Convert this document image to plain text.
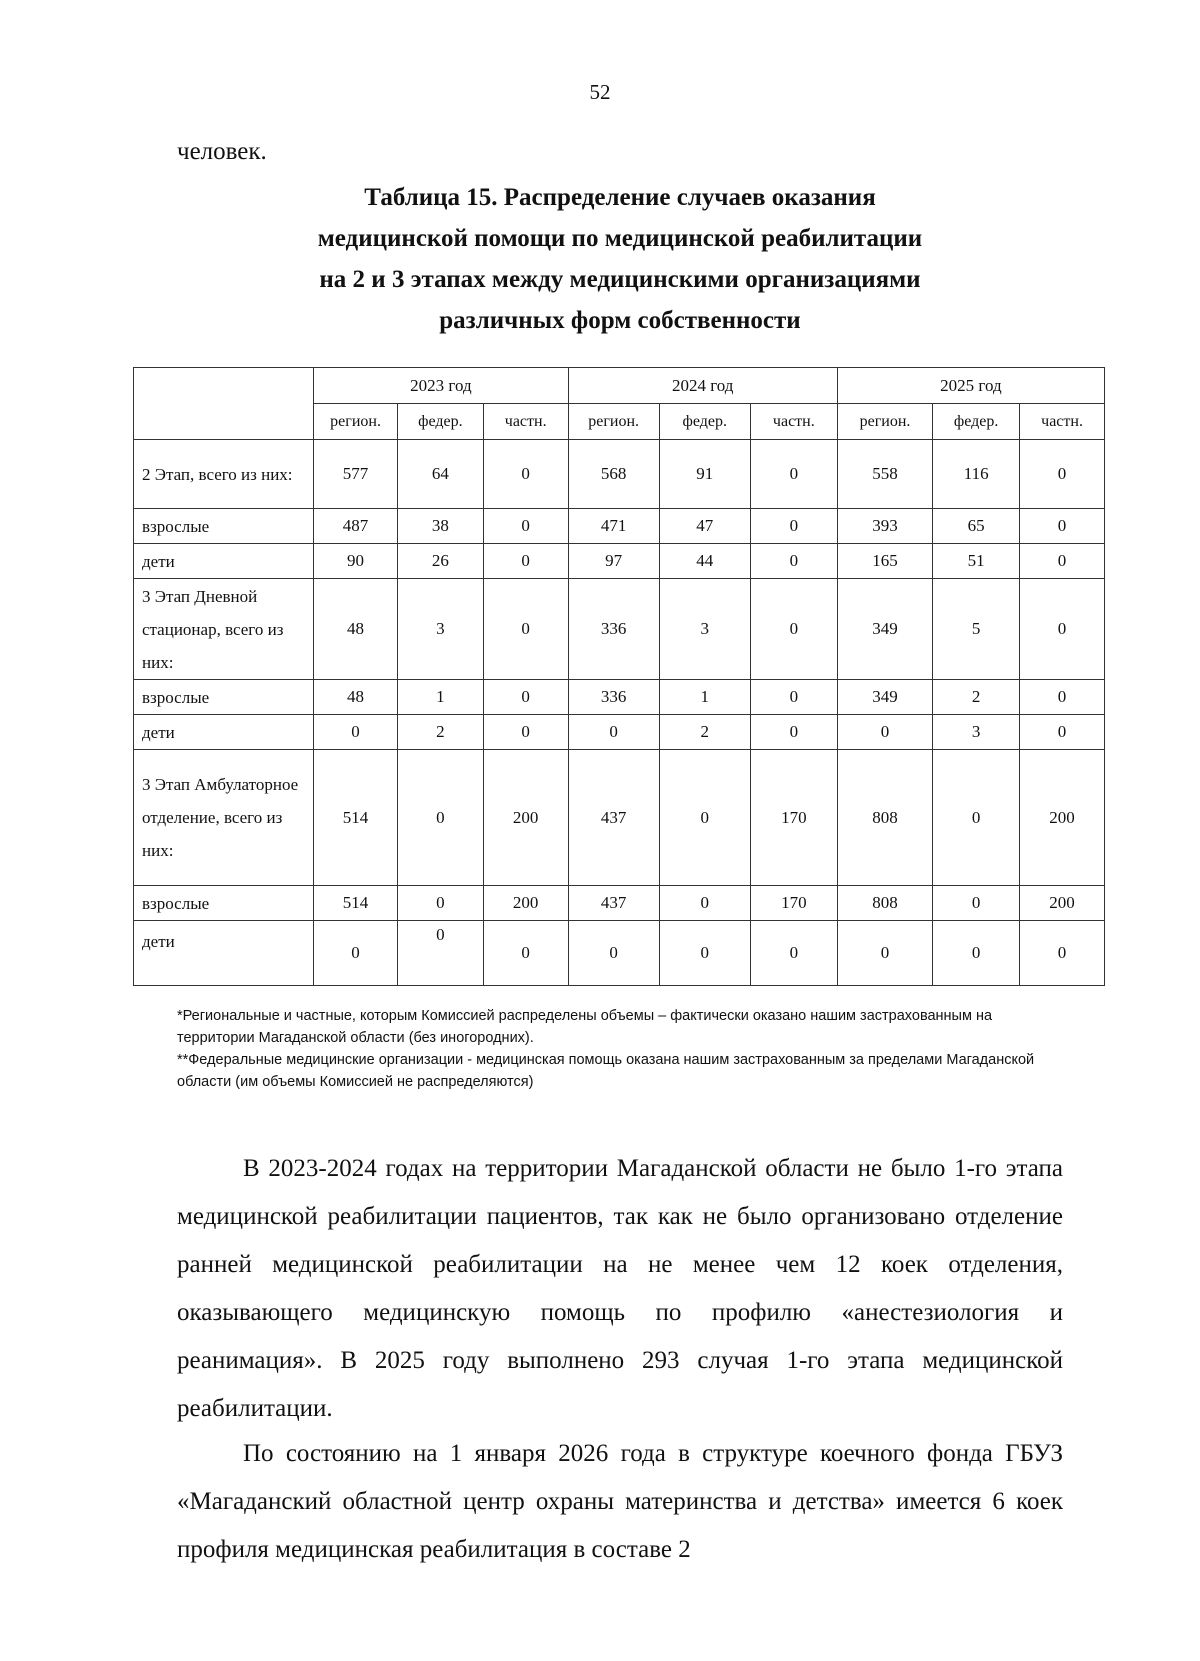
52
человек.
Таблица 15. Распределение случаев оказания
медицинской помощи по медицинской реабилитации
на 2 и 3 этапах между медицинскими организациями
различных форм собственности
	2023 год			2024 год			2025 год		
	регион.	федер.	частн.	регион.	федер.	частн.	регион.	федер.	частн.
2 Этап, всего из них:	577	64	0	568	91	0	558	116	0
взрослые	487	38	0	471	47	0	393	65	0
дети	90	26	0	97	44	0	165	51	0
3 Этап Дневной стационар, всего из них:	48	3	0	336	3	0	349	5	0
взрослые	48	1	0	336	1	0	349	2	0
дети	0	2	0	0	2	0	0	3	0
3 Этап Амбулаторное отделение, всего из них:	514	0	200	437	0	170	808	0	200
взрослые	514	0	200	437	0	170	808	0	200
дети	0	0	0	0	0	0	0	0	0
*Региональные и частные, которым Комиссией распределены объемы – фактически оказано нашим застрахованным на территории Магаданской области (без иногородних).
**Федеральные медицинские организации - медицинская помощь оказана нашим застрахованным за пределами Магаданской области (им объемы Комиссией не распределяются)
В 2023-2024 годах на территории Магаданской области не было 1-го этапа медицинской реабилитации пациентов, так как не было организовано отделение ранней медицинской реабилитации на не менее чем 12 коек отделения, оказывающего медицинскую помощь по профилю «анестезиология и реанимация». В 2025 году выполнено 293 случая 1-го этапа медицинской реабилитации.
По состоянию на 1 января 2026 года в структуре коечного фонда ГБУЗ «Магаданский областной центр охраны материнства и детства» имеется 6 коек профиля медицинская реабилитация в составе 2
